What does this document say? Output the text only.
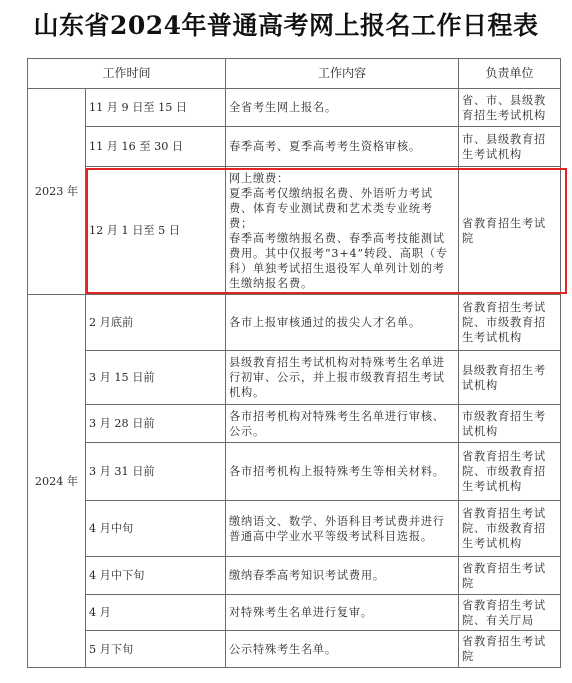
山东省2024年普通高考网上报名工作日程表
工作时间		工作内容	负责单位
2023 年	11 月 9 日至 15 日	全省考生网上报名。	省、市、县级教育招生考试机构
	11 月 16 至 30 日	春季高考、夏季高考考生资格审核。	市、县级教育招生考试机构
	12 月 1 日至 5 日	网上缴费：
夏季高考仅缴纳报名费、外语听力考试费、体育专业测试费和艺术类专业统考费；
春季高考缴纳报名费、春季高考技能测试费用。其中仅报考“3+4”转段、高职（专科）单独考试招生退役军人单列计划的考生缴纳报名费。	省教育招生考试院
2024 年	2 月底前	各市上报审核通过的拔尖人才名单。	省教育招生考试院、市级教育招生考试机构
	3 月 15 日前	县级教育招生考试机构对特殊考生名单进行初审、公示，并上报市级教育招生考试机构。	县级教育招生考试机构
	3 月 28 日前	各市招考机构对特殊考生名单进行审核、公示。	市级教育招生考试机构
	3 月 31 日前	各市招考机构上报特殊考生等相关材料。	省教育招生考试院、市级教育招生考试机构
	4 月中旬	缴纳语文、数学、外语科目考试费并进行普通高中学业水平等级考试科目选报。	省教育招生考试院、市级教育招生考试机构
	4 月中下旬	缴纳春季高考知识考试费用。	省教育招生考试院
	4 月	对特殊考生名单进行复审。	省教育招生考试院、有关厅局
	5 月下旬	公示特殊考生名单。	省教育招生考试院
